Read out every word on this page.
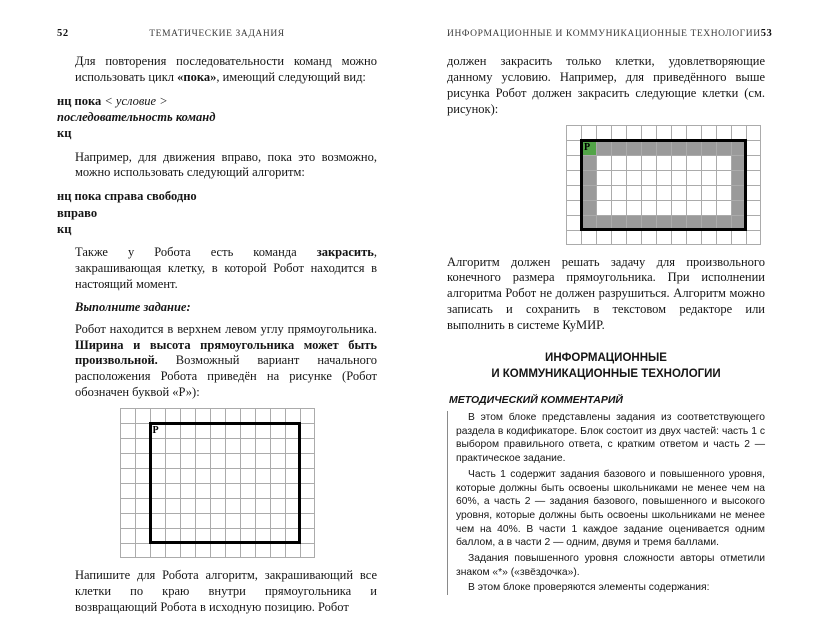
52	ТЕМАТИЧЕСКИЕ ЗАДАНИЯ

Для повторения последовательности команд можно использовать цикл «пока», имеющий следующий вид:

нц пока < условие >
последовательность команд
кц

Например, для движения вправо, пока это возможно, можно использовать следующий алгоритм:

нц пока справа свободно
вправо
кц

Также у Робота есть команда закрасить, закрашивающая клетку, в которой Робот находится в настоящий момент.

Выполните задание:

Робот находится в верхнем левом углу прямоугольника. Ширина и высота прямоугольника может быть произвольной. Возможный вариант начального расположения Робота приведён на рисунке (Робот обозначен буквой «Р»):

Р

Напишите для Робота алгоритм, закрашивающий все клетки по краю внутри прямоугольника и возвращающий Робота в исходную позицию. Робот

ИНФОРМАЦИОННЫЕ И КОММУНИКАЦИОННЫЕ ТЕХНОЛОГИИ 53

должен закрасить только клетки, удовлетворяющие данному условию. Например, для приведённого выше рисунка Робот должен закрасить следующие клетки (см. рисунок):

Р

Алгоритм должен решать задачу для произвольного конечного размера прямоугольника. При исполнении алгоритма Робот не должен разрушиться. Алгоритм можно записать и сохранить в текстовом редакторе или выполнить в системе КуМИР.

ИНФОРМАЦИОННЫЕ
И КОММУНИКАЦИОННЫЕ ТЕХНОЛОГИИ
МЕТОДИЧЕСКИЙ КОММЕНТАРИЙ

В этом блоке представлены задания из соответствующего раздела в кодификаторе. Блок состоит из двух частей: часть 1 с выбором правильного ответа, с кратким ответом и часть 2 — практическое задание.

Часть 1 содержит задания базового и повышенного уровня, которые должны быть освоены школьниками не менее чем на 60%, а часть 2 — задания базового, повышенного и высокого уровня, которые должны быть освоены школьниками не менее чем на 40%. В части 1 каждое задание оценивается одним баллом, а в части 2 — одним, двумя и тремя баллами.

Задания повышенного уровня сложности авторы отметили знаком «*» («звёздочка»).

В этом блоке проверяются элементы содержания:
